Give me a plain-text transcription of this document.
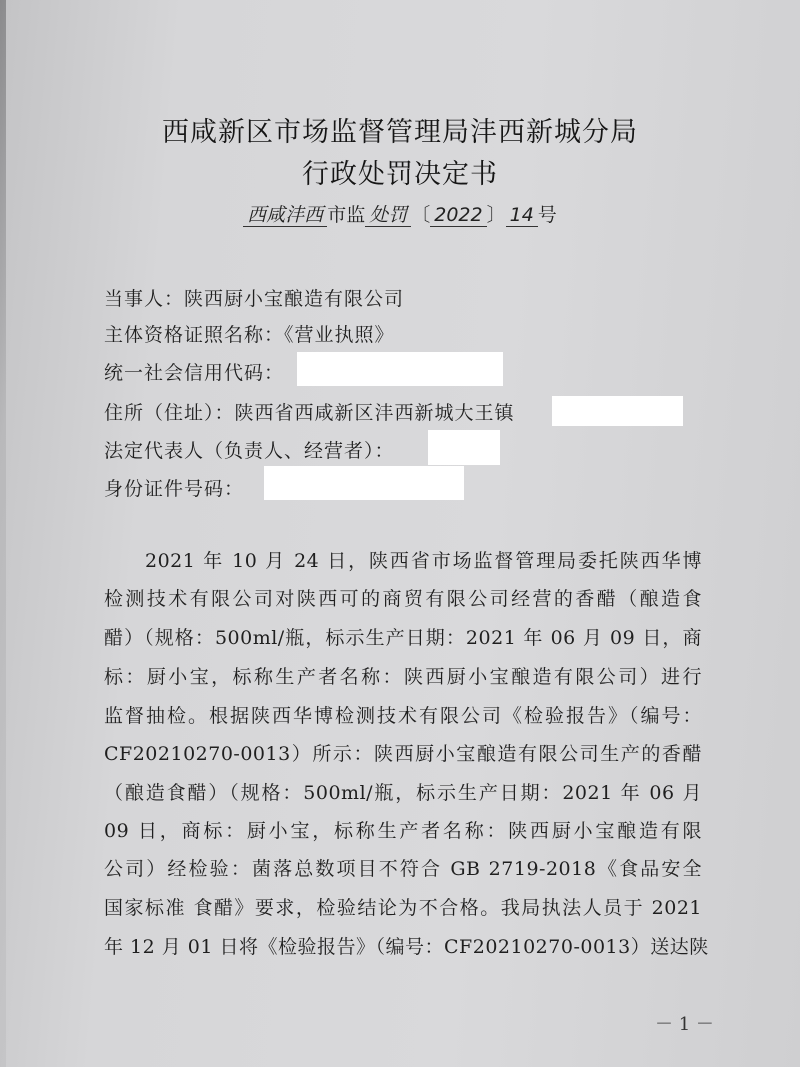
西咸新区市场监督管理局沣西新城分局
行政处罚决定书
西咸沣西 市监 处罚 〔 2022 〕 14 号
当事人：陕西厨小宝酿造有限公司
主体资格证照名称：《营业执照》
统一社会信用代码：
住所（住址）：陕西省西咸新区沣西新城大王镇
法定代表人（负责人、经营者）：
身份证件号码：
2021 年 10 月 24 日，陕西省市场监督管理局委托陕西华博
检测技术有限公司对陕西可的商贸有限公司经营的香醋（酿造食
醋）（规格：500ml/瓶，标示生产日期：2021 年 06 月 09 日，商
标：厨小宝，标称生产者名称：陕西厨小宝酿造有限公司）进行
监督抽检。根据陕西华博检测技术有限公司《检验报告》（编号：
CF20210270-0013）所示：陕西厨小宝酿造有限公司生产的香醋
（酿造食醋）（规格：500ml/瓶，标示生产日期：2021 年 06 月
09 日，商标：厨小宝，标称生产者名称：陕西厨小宝酿造有限
公司）经检验：菌落总数项目不符合 GB 2719-2018《食品安全
国家标准 食醋》要求，检验结论为不合格。我局执法人员于 2021
年 12 月 01 日将《检验报告》（编号：CF20210270-0013）送达陕
－ 1 －
